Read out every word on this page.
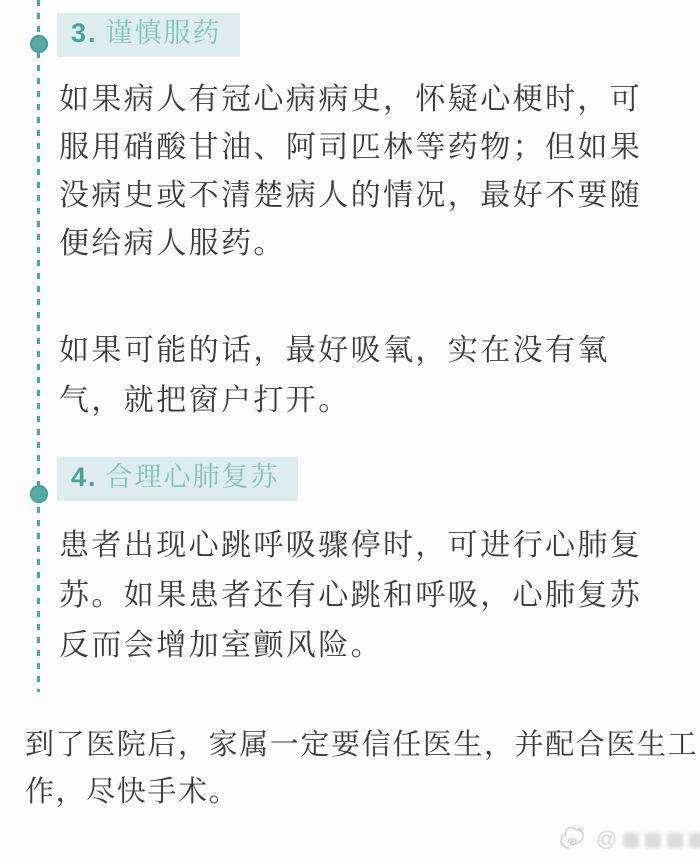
3. 谨慎服药
如果病人有冠心病病史，怀疑心梗时，可
服用硝酸甘油、阿司匹林等药物；但如果
没病史或不清楚病人的情况，最好不要随
便给病人服药。
如果可能的话，最好吸氧，实在没有氧
气，就把窗户打开。
4. 合理心肺复苏
患者出现心跳呼吸骤停时，可进行心肺复
苏。如果患者还有心跳和呼吸，心肺复苏
反而会增加室颤风险。
到了医院后，家属一定要信任医生，并配合医生工
作，尽快手术。
@
